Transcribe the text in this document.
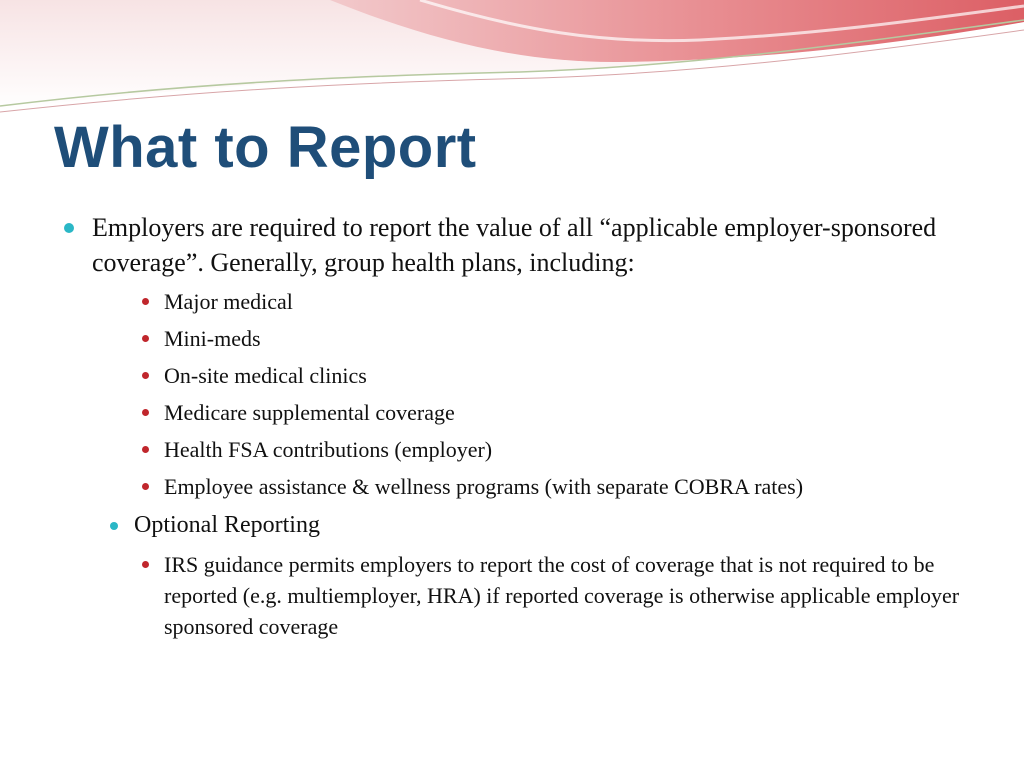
What to Report
Employers are required to report the value of all “applicable employer-sponsored coverage”. Generally, group health plans, including:
Major medical
Mini-meds
On-site medical clinics
Medicare supplemental coverage
Health FSA contributions (employer)
Employee assistance & wellness programs (with separate COBRA rates)
Optional Reporting
IRS guidance permits employers to report the cost of coverage that is not required to be reported (e.g. multiemployer, HRA) if reported coverage is otherwise applicable employer sponsored coverage
